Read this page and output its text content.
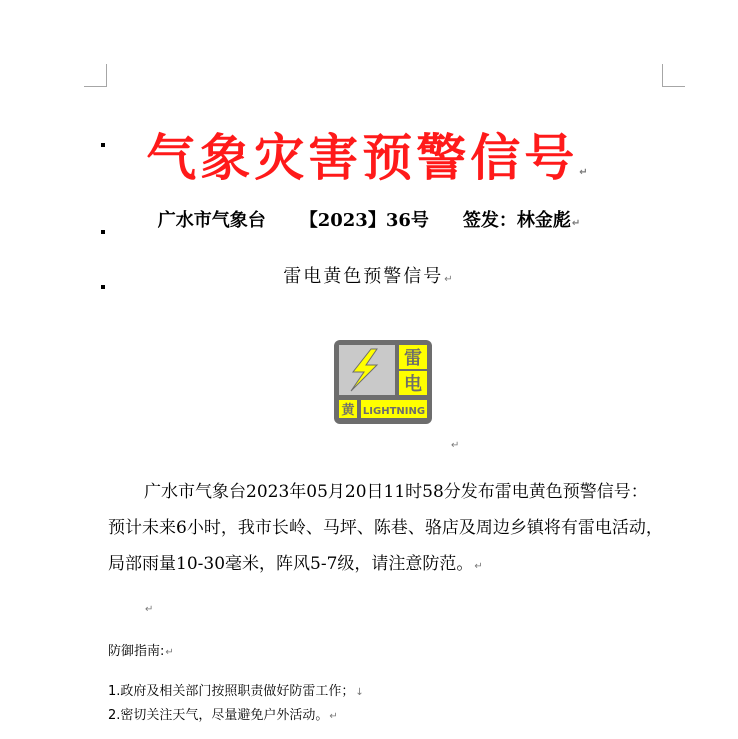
气象灾害预警信号↵
广水市气象台 【2023】36号 签发：林金彪↵
雷电黄色预警信号↵
雷
电
黄 LIGHTNING
↵
广水市气象台2023年05月20日11时58分发布雷电黄色预警信号：预计未来6小时，我市长岭、马坪、陈巷、骆店及周边乡镇将有雷电活动，局部雨量10-30毫米，阵风5-7级，请注意防范。↵
↵
防御指南:↵
1.政府及相关部门按照职责做好防雷工作；↓
2.密切关注天气，尽量避免户外活动。↵
